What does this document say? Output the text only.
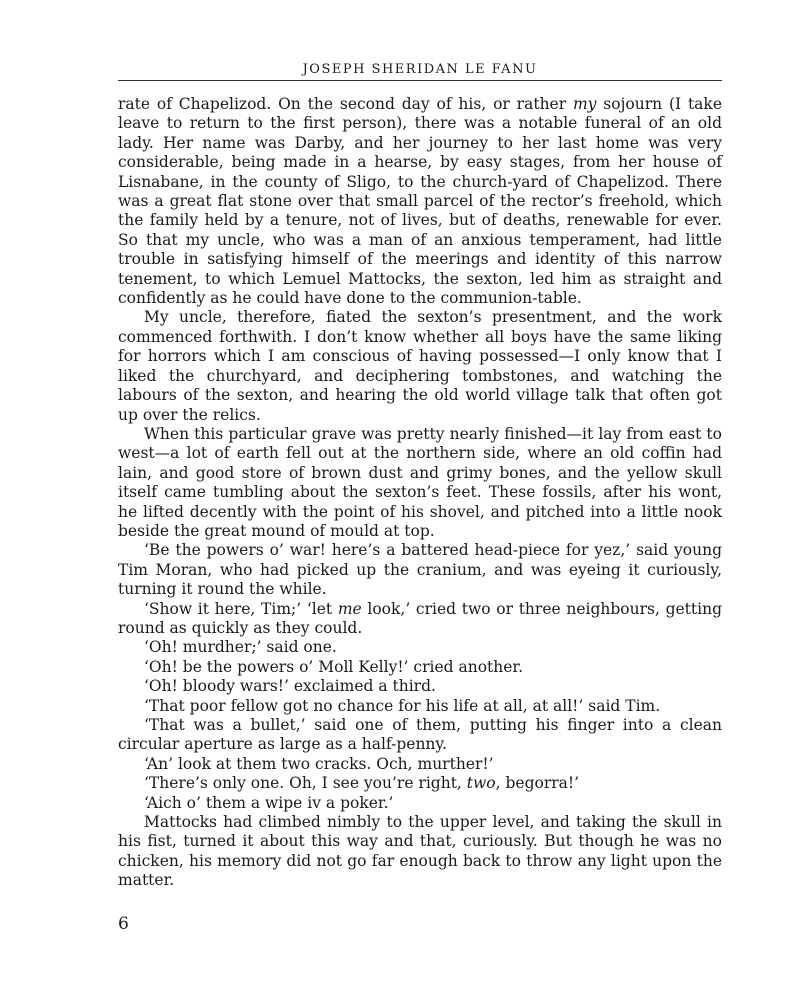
JOSEPH SHERIDAN LE FANU

rate of Chapelizod. On the second day of his, or rather my sojourn (I take leave to return to the first person), there was a notable funeral of an old lady. Her name was Darby, and her journey to her last home was very considerable, being made in a hearse, by easy stages, from her house of Lisnabane, in the county of Sligo, to the church-yard of Chapelizod. There was a great flat stone over that small parcel of the rector’s freehold, which the family held by a tenure, not of lives, but of deaths, renewable for ever. So that my uncle, who was a man of an anxious temperament, had little trouble in satisfying himself of the meerings and identity of this narrow tenement, to which Lemuel Mattocks, the sexton, led him as straight and confidently as he could have done to the communion-table.

My uncle, therefore, fiated the sexton’s presentment, and the work commenced forthwith. I don’t know whether all boys have the same liking for horrors which I am conscious of having possessed—I only know that I liked the churchyard, and deciphering tombstones, and watching the labours of the sexton, and hearing the old world village talk that often got up over the relics.

When this particular grave was pretty nearly finished—it lay from east to west—a lot of earth fell out at the northern side, where an old coffin had lain, and good store of brown dust and grimy bones, and the yellow skull itself came tumbling about the sexton’s feet. These fossils, after his wont, he lifted decently with the point of his shovel, and pitched into a little nook beside the great mound of mould at top.

‘Be the powers o’ war! here’s a battered head-piece for yez,’ said young Tim Moran, who had picked up the cranium, and was eyeing it curiously, turning it round the while.

‘Show it here, Tim;’ ‘let me look,’ cried two or three neighbours, getting round as quickly as they could.

‘Oh! murdher;’ said one.

‘Oh! be the powers o’ Moll Kelly!’ cried another.

‘Oh! bloody wars!’ exclaimed a third.

‘That poor fellow got no chance for his life at all, at all!’ said Tim.

‘That was a bullet,’ said one of them, putting his finger into a clean circular aperture as large as a half-penny.

‘An’ look at them two cracks. Och, murther!’

‘There’s only one. Oh, I see you’re right, two, begorra!’

‘Aich o’ them a wipe iv a poker.’

Mattocks had climbed nimbly to the upper level, and taking the skull in his fist, turned it about this way and that, curiously. But though he was no chicken, his memory did not go far enough back to throw any light upon the matter.

6
